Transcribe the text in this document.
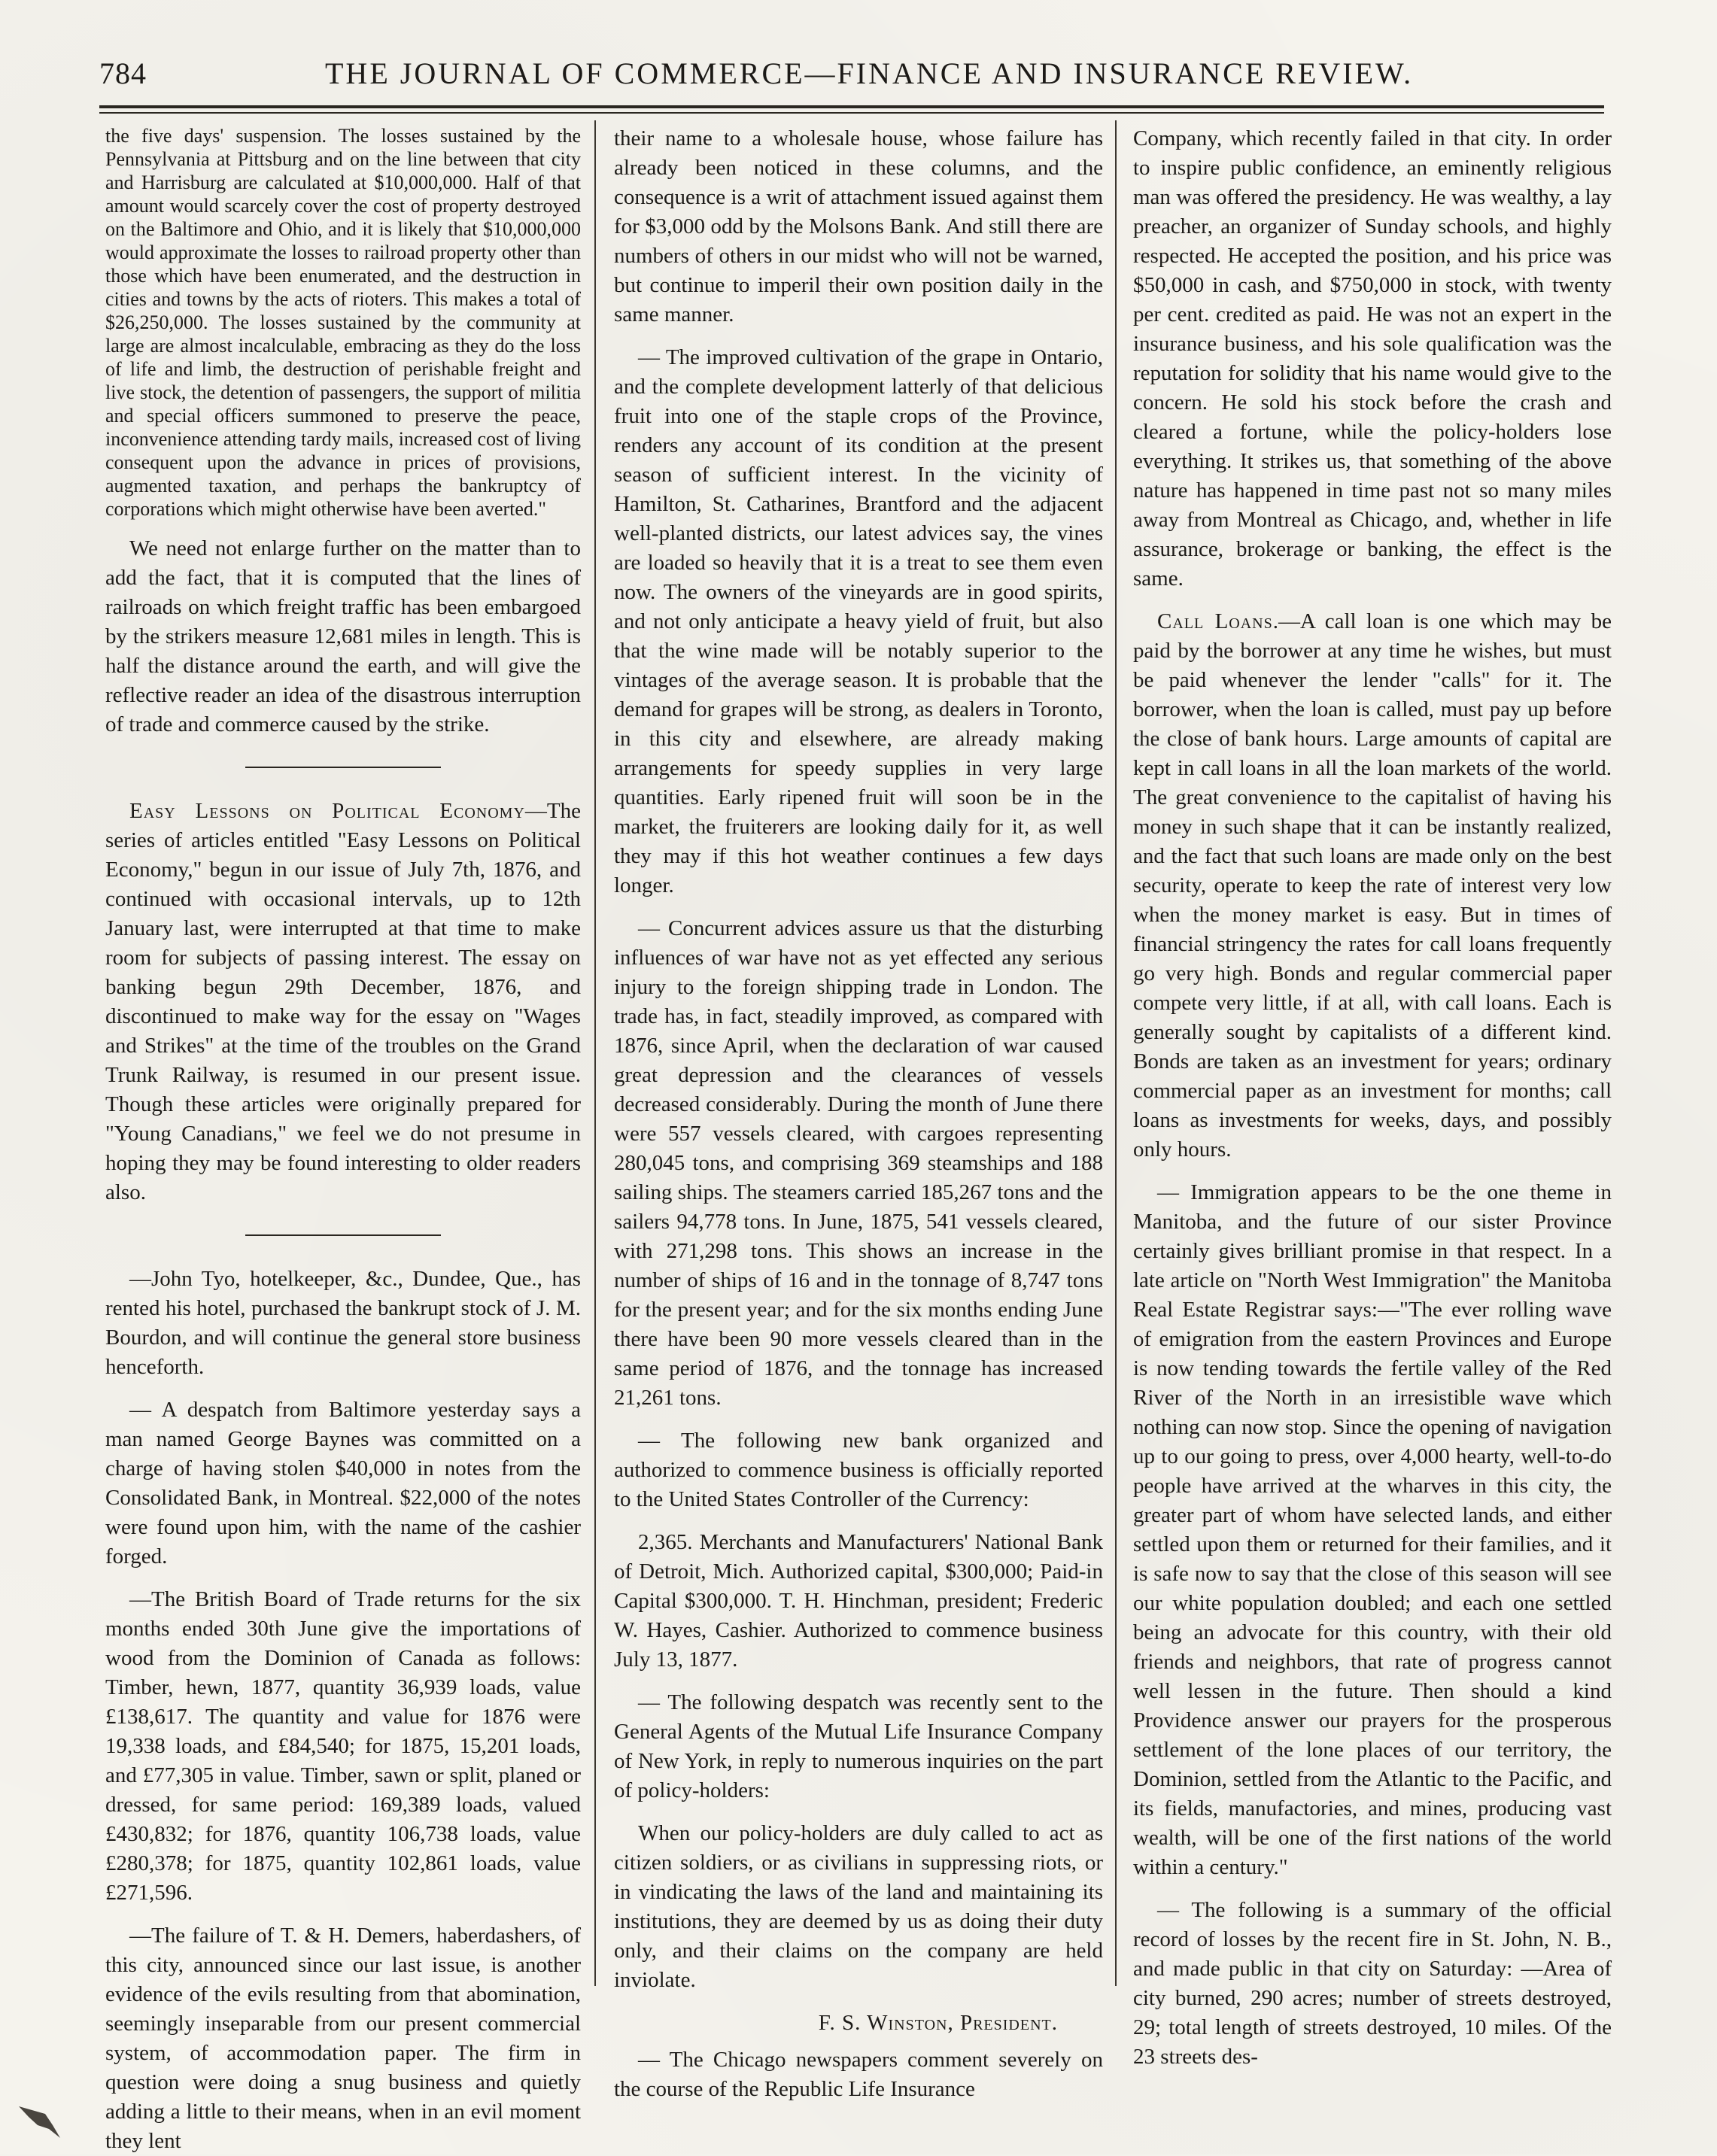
784	THE JOURNAL OF COMMERCE—FINANCE AND INSURANCE REVIEW.

the five days' suspension. The losses sustained by the Pennsylvania at Pittsburg and on the line between that city and Harrisburg are calculated at $10,000,000. Half of that amount would scarcely cover the cost of property destroyed on the Baltimore and Ohio, and it is likely that $10,000,000 would approximate the losses to railroad property other than those which have been enumerated, and the destruction in cities and towns by the acts of rioters. This makes a total of $26,250,000. The losses sustained by the community at large are almost incalculable, embracing as they do the loss of life and limb, the destruction of perishable freight and live stock, the detention of passengers, the support of militia and special officers summoned to preserve the peace, inconvenience attending tardy mails, increased cost of living consequent upon the advance in prices of provisions, augmented taxation, and perhaps the bankruptcy of corporations which might otherwise have been averted."

We need not enlarge further on the matter than to add the fact, that it is computed that the lines of railroads on which freight traffic has been embargoed by the strikers measure 12,681 miles in length. This is half the distance around the earth, and will give the reflective reader an idea of the disastrous interruption of trade and commerce caused by the strike.

Easy Lessons on Political Economy—The series of articles entitled "Easy Lessons on Political Economy," begun in our issue of July 7th, 1876, and continued with occasional intervals, up to 12th January last, were interrupted at that time to make room for subjects of passing interest. The essay on banking begun 29th December, 1876, and discontinued to make way for the essay on "Wages and Strikes" at the time of the troubles on the Grand Trunk Railway, is resumed in our present issue. Though these articles were originally prepared for "Young Canadians," we feel we do not presume in hoping they may be found interesting to older readers also.

—John Tyo, hotelkeeper, &c., Dundee, Que., has rented his hotel, purchased the bankrupt stock of J. M. Bourdon, and will continue the general store business henceforth.

— A despatch from Baltimore yesterday says a man named George Baynes was committed on a charge of having stolen $40,000 in notes from the Consolidated Bank, in Montreal. $22,000 of the notes were found upon him, with the name of the cashier forged.

—The British Board of Trade returns for the six months ended 30th June give the importations of wood from the Dominion of Canada as follows: Timber, hewn, 1877, quantity 36,939 loads, value £138,617. The quantity and value for 1876 were 19,338 loads, and £84,540; for 1875, 15,201 loads, and £77,305 in value. Timber, sawn or split, planed or dressed, for same period: 169,389 loads, valued £430,832; for 1876, quantity 106,738 loads, value £280,378; for 1875, quantity 102,861 loads, value £271,596.

—The failure of T. & H. Demers, haberdashers, of this city, announced since our last issue, is another evidence of the evils resulting from that abomination, seemingly inseparable from our present commercial system, of accommodation paper. The firm in question were doing a snug business and quietly adding a little to their means, when in an evil moment they lent

their name to a wholesale house, whose failure has already been noticed in these columns, and the consequence is a writ of attachment issued against them for $3,000 odd by the Molsons Bank. And still there are numbers of others in our midst who will not be warned, but continue to imperil their own position daily in the same manner.

— The improved cultivation of the grape in Ontario, and the complete development latterly of that delicious fruit into one of the staple crops of the Province, renders any account of its condition at the present season of sufficient interest. In the vicinity of Hamilton, St. Catharines, Brantford and the adjacent well-planted districts, our latest advices say, the vines are loaded so heavily that it is a treat to see them even now. The owners of the vineyards are in good spirits, and not only anticipate a heavy yield of fruit, but also that the wine made will be notably superior to the vintages of the average season. It is probable that the demand for grapes will be strong, as dealers in Toronto, in this city and elsewhere, are already making arrangements for speedy supplies in very large quantities. Early ripened fruit will soon be in the market, the fruiterers are looking daily for it, as well they may if this hot weather continues a few days longer.

— Concurrent advices assure us that the disturbing influences of war have not as yet effected any serious injury to the foreign shipping trade in London. The trade has, in fact, steadily improved, as compared with 1876, since April, when the declaration of war caused great depression and the clearances of vessels decreased considerably. During the month of June there were 557 vessels cleared, with cargoes representing 280,045 tons, and comprising 369 steamships and 188 sailing ships. The steamers carried 185,267 tons and the sailers 94,778 tons. In June, 1875, 541 vessels cleared, with 271,298 tons. This shows an increase in the number of ships of 16 and in the tonnage of 8,747 tons for the present year; and for the six months ending June there have been 90 more vessels cleared than in the same period of 1876, and the tonnage has increased 21,261 tons.

— The following new bank organized and authorized to commence business is officially reported to the United States Controller of the Currency:

2,365. Merchants and Manufacturers' National Bank of Detroit, Mich. Authorized capital, $300,000; Paid-in Capital $300,000. T. H. Hinchman, president; Frederic W. Hayes, Cashier. Authorized to commence business July 13, 1877.

— The following despatch was recently sent to the General Agents of the Mutual Life Insurance Company of New York, in reply to numerous inquiries on the part of policy-holders:

When our policy-holders are duly called to act as citizen soldiers, or as civilians in suppressing riots, or in vindicating the laws of the land and maintaining its institutions, they are deemed by us as doing their duty only, and their claims on the company are held inviolate.

F. S. Winston, President.

— The Chicago newspapers comment severely on the course of the Republic Life Insurance

Company, which recently failed in that city. In order to inspire public confidence, an eminently religious man was offered the presidency. He was wealthy, a lay preacher, an organizer of Sunday schools, and highly respected. He accepted the position, and his price was $50,000 in cash, and $750,000 in stock, with twenty per cent. credited as paid. He was not an expert in the insurance business, and his sole qualification was the reputation for solidity that his name would give to the concern. He sold his stock before the crash and cleared a fortune, while the policy-holders lose everything. It strikes us, that something of the above nature has happened in time past not so many miles away from Montreal as Chicago, and, whether in life assurance, brokerage or banking, the effect is the same.

Call Loans.—A call loan is one which may be paid by the borrower at any time he wishes, but must be paid whenever the lender "calls" for it. The borrower, when the loan is called, must pay up before the close of bank hours. Large amounts of capital are kept in call loans in all the loan markets of the world. The great convenience to the capitalist of having his money in such shape that it can be instantly realized, and the fact that such loans are made only on the best security, operate to keep the rate of interest very low when the money market is easy. But in times of financial stringency the rates for call loans frequently go very high. Bonds and regular commercial paper compete very little, if at all, with call loans. Each is generally sought by capitalists of a different kind. Bonds are taken as an investment for years; ordinary commercial paper as an investment for months; call loans as investments for weeks, days, and possibly only hours.

— Immigration appears to be the one theme in Manitoba, and the future of our sister Province certainly gives brilliant promise in that respect. In a late article on "North West Immigration" the Manitoba Real Estate Registrar says:—"The ever rolling wave of emigration from the eastern Provinces and Europe is now tending towards the fertile valley of the Red River of the North in an irresistible wave which nothing can now stop. Since the opening of navigation up to our going to press, over 4,000 hearty, well-to-do people have arrived at the wharves in this city, the greater part of whom have selected lands, and either settled upon them or returned for their families, and it is safe now to say that the close of this season will see our white population doubled; and each one settled being an advocate for this country, with their old friends and neighbors, that rate of progress cannot well lessen in the future. Then should a kind Providence answer our prayers for the prosperous settlement of the lone places of our territory, the Dominion, settled from the Atlantic to the Pacific, and its fields, manufactories, and mines, producing vast wealth, will be one of the first nations of the world within a century."

— The following is a summary of the official record of losses by the recent fire in St. John, N. B., and made public in that city on Saturday: —Area of city burned, 290 acres; number of streets destroyed, 29; total length of streets destroyed, 10 miles. Of the 23 streets des-
